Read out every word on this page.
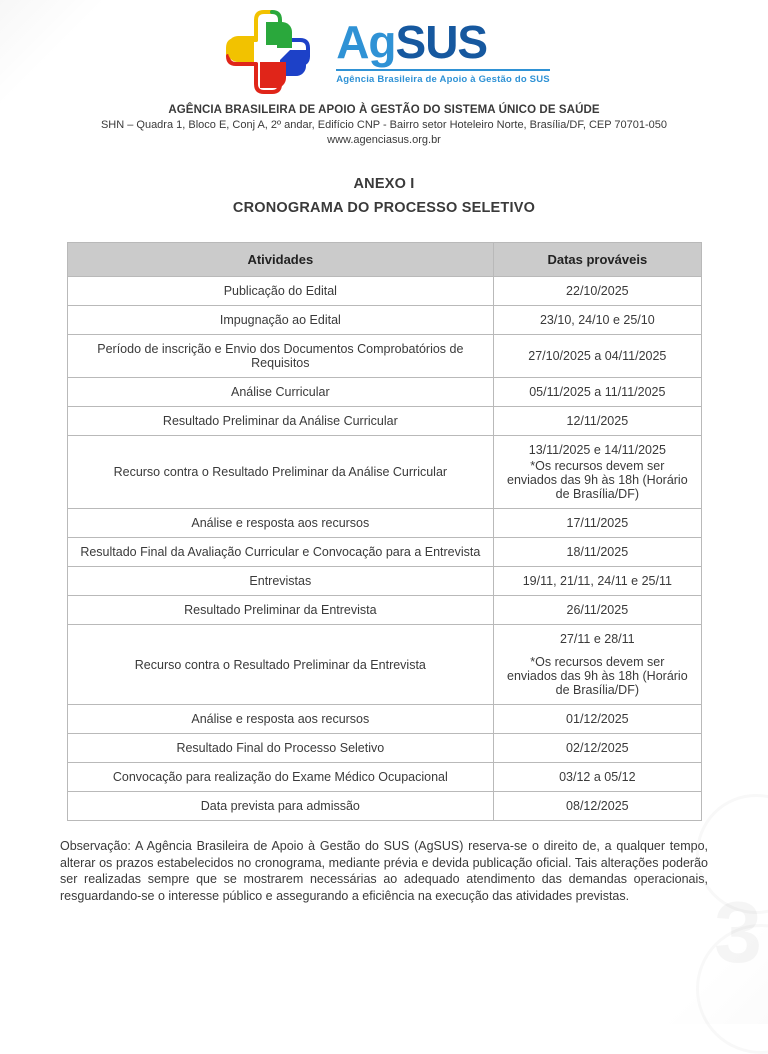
AgSUS
Agência Brasileira de Apoio à Gestão do SUS
AGÊNCIA BRASILEIRA DE APOIO À GESTÃO DO SISTEMA ÚNICO DE SAÚDE
SHN – Quadra 1, Bloco E, Conj A, 2º andar, Edifício CNP - Bairro setor Hoteleiro Norte, Brasília/DF, CEP 70701-050
www.agenciasus.org.br
ANEXO I
CRONOGRAMA DO PROCESSO SELETIVO
Atividades	Datas prováveis
Publicação do Edital	22/10/2025

Impugnação ao Edital	23/10, 24/10 e 25/10

Período de inscrição e Envio dos Documentos Comprobatórios de Requisitos	27/10/2025 a 04/11/2025

Análise Curricular	05/11/2025 a 11/11/2025

Resultado Preliminar da Análise Curricular	12/11/2025

Recurso contra o Resultado Preliminar da Análise Curricular	13/11/2025 e 14/11/2025
*Os recursos devem ser enviados das 9h às 18h (Horário de Brasília/DF)

Análise e resposta aos recursos	17/11/2025

Resultado Final da Avaliação Curricular e Convocação para a Entrevista	18/11/2025

Entrevistas	19/11, 21/11, 24/11 e 25/11

Resultado Preliminar da Entrevista	26/11/2025

Recurso contra o Resultado Preliminar da Entrevista	27/11 e 28/11
*Os recursos devem ser enviados das 9h às 18h (Horário de Brasília/DF)

Análise e resposta aos recursos	01/12/2025

Resultado Final do Processo Seletivo	02/12/2025

Convocação para realização do Exame Médico Ocupacional	03/12 a 05/12

Data prevista para admissão	08/12/2025

Observação: A Agência Brasileira de Apoio à Gestão do SUS (AgSUS) reserva-se o direito de, a qualquer tempo, alterar os prazos estabelecidos no cronograma, mediante prévia e devida publicação oficial. Tais alterações poderão ser realizadas sempre que se mostrarem necessárias ao adequado atendimento das demandas operacionais, resguardando-se o interesse público e assegurando a eficiência na execução das atividades previstas. 3
